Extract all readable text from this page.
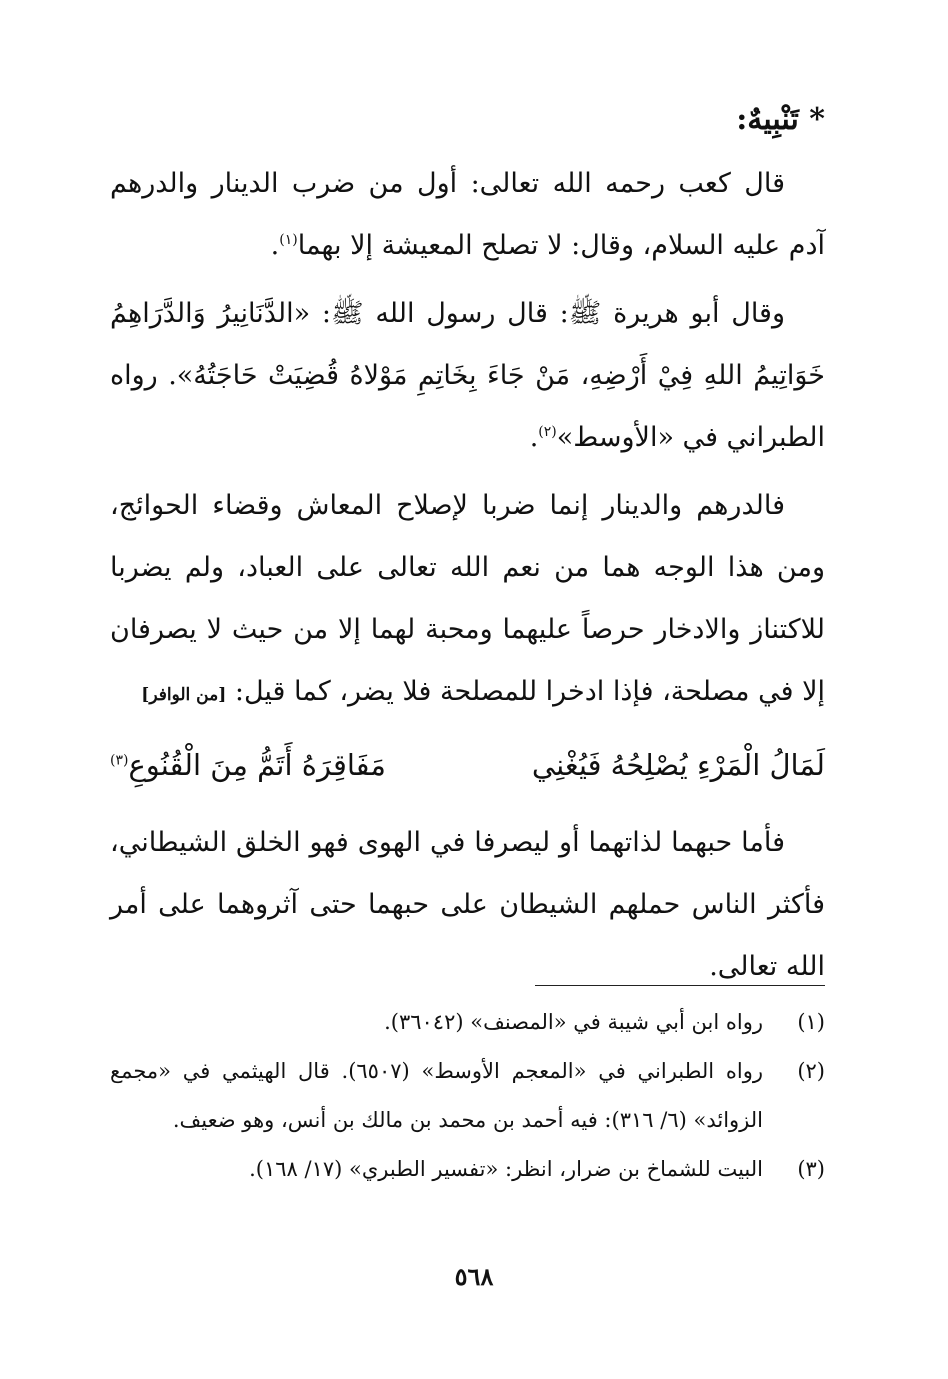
* تَنْبِيهٌ:

قال كعب رحمه الله تعالى: أول من ضرب الدينار والدرهم آدم عليه السلام، وقال: لا تصلح المعيشة إلا بهما$^{(١)}$.

وقال أبو هريرة ﷺ: قال رسول الله ﷺ: «الدَّنَانِيرُ وَالدَّرَاهِمُ خَوَاتِيمُ اللهِ فِيْ أَرْضِهِ، مَنْ جَاءَ بِخَاتِمِ مَوْلاهُ قُضِيَتْ حَاجَتُهُ». رواه الطبراني في «الأوسط»$^{(٢)}$.

فالدرهم والدينار إنما ضربا لإصلاح المعاش وقضاء الحوائج، ومن هذا الوجه هما من نعم الله تعالى على العباد، ولم يضربا للاكتناز والادخار حرصاً عليهما ومحبة لهما إلا من حيث لا يصرفان إلا في مصلحة، فإذا ادخرا للمصلحة فلا يضر، كما قيل: [من الوافر]

لَمَالُ الْمَرْءِ يُصْلِحُهُ فَيُغْنِي
مَفَاقِرَهُ أَتَمُّ مِنَ الْقُنُوعِ$^{(٣)}$

فأما حبهما لذاتهما أو ليصرفا في الهوى فهو الخلق الشيطاني، فأكثر الناس حملهم الشيطان على حبهما حتى آثروهما على أمر الله تعالى.

(١)
رواه ابن أبي شيبة في «المصنف» (٣٦٠٤٢).
(٢)
رواه الطبراني في «المعجم الأوسط» (٦٥٠٧). قال الهيثمي في «مجمع الزوائد» (٦/ ٣١٦): فيه أحمد بن محمد بن مالك بن أنس، وهو ضعيف.
(٣)
البيت للشماخ بن ضرار، انظر: «تفسير الطبري» (١٧/ ١٦٨).
٥٦٨
